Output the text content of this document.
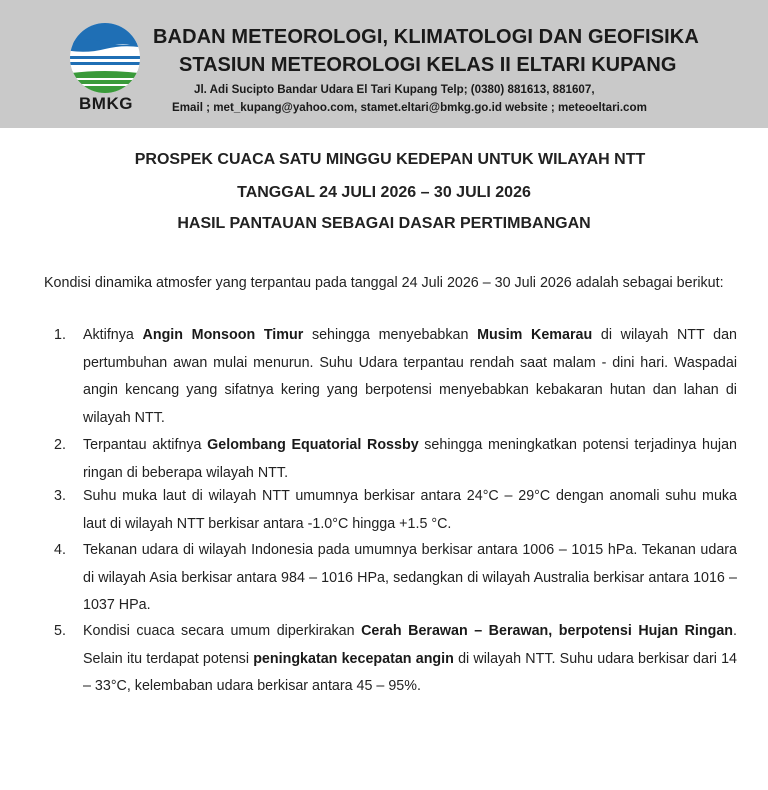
BMKG
BADAN METEOROLOGI, KLIMATOLOGI DAN GEOFISIKA
STASIUN METEOROLOGI KELAS II ELTARI KUPANG
Jl. Adi Sucipto Bandar Udara El Tari Kupang Telp; (0380) 881613, 881607,
Email ; met_kupang@yahoo.com, stamet.eltari@bmkg.go.id website ; meteoeltari.com
PROSPEK CUACA SATU MINGGU KEDEPAN UNTUK WILAYAH NTT
TANGGAL 24 JULI 2026 – 30 JULI 2026
HASIL PANTAUAN SEBAGAI DASAR PERTIMBANGAN
Kondisi dinamika atmosfer yang terpantau pada tanggal 24 Juli 2026 – 30 Juli 2026 adalah sebagai berikut:
1.	Aktifnya Angin Monsoon Timur sehingga menyebabkan Musim Kemarau di wilayah NTT dan pertumbuhan awan mulai menurun. Suhu Udara terpantau rendah saat malam - dini hari. Waspadai angin kencang yang sifatnya kering yang berpotensi menyebabkan kebakaran hutan dan lahan di wilayah NTT.
2.	Terpantau aktifnya Gelombang Equatorial Rossby sehingga meningkatkan potensi terjadinya hujan ringan di beberapa wilayah NTT.
3.	Suhu muka laut di wilayah NTT umumnya berkisar antara 24°C – 29°C dengan anomali suhu muka laut di wilayah NTT berkisar antara -1.0°C hingga +1.5 °C.
4.	Tekanan udara di wilayah Indonesia pada umumnya berkisar antara 1006 – 1015 hPa. Tekanan udara di wilayah Asia berkisar antara 984 – 1016 HPa, sedangkan di wilayah Australia berkisar antara 1016 – 1037 HPa.
5.	Kondisi cuaca secara umum diperkirakan Cerah Berawan – Berawan, berpotensi Hujan Ringan. Selain itu terdapat potensi peningkatan kecepatan angin di wilayah NTT. Suhu udara berkisar dari 14 – 33°C, kelembaban udara berkisar antara 45 – 95%.
